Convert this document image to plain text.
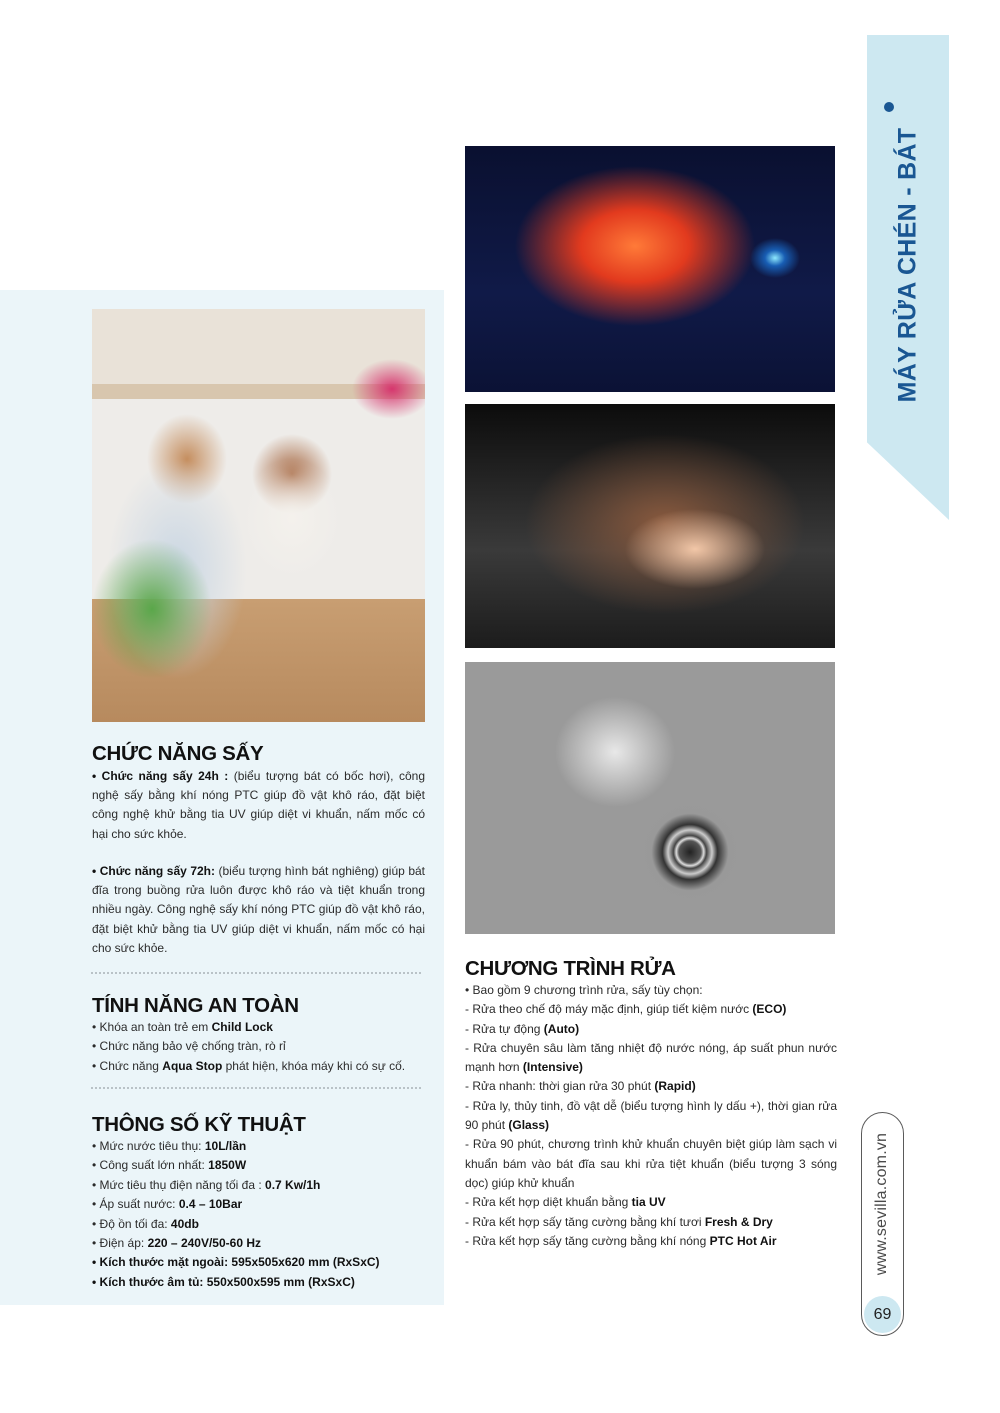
CHỨC NĂNG SẤY

• Chức năng sấy 24h : (biểu tượng bát có bốc hơi), công nghệ sấy bằng khí nóng PTC giúp đồ vật khô ráo, đặt biệt công nghệ khử bằng tia UV giúp diệt vi khuẩn, nấm mốc có hại cho sức khỏe.

• Chức năng sấy 72h: (biểu tượng hình bát nghiêng) giúp bát đĩa trong buồng rửa luôn được khô ráo và tiệt khuẩn trong nhiều ngày. Công nghệ sấy khí nóng PTC giúp đồ vật khô ráo, đặt biệt khử bằng tia UV giúp diệt vi khuẩn, nấm mốc có hại cho sức khỏe.

TÍNH NĂNG AN TOÀN
• Khóa an toàn trẻ em Child Lock
• Chức năng bảo vệ chống tràn, rò rỉ
• Chức năng Aqua Stop phát hiện, khóa máy khi có sự cố.
THÔNG SỐ KỸ THUẬT
• Mức nước tiêu thụ: 10L/lần
• Công suất lớn nhất: 1850W
• Mức tiêu thụ điện năng tối đa : 0.7 Kw/1h
• Áp suất nước: 0.4 – 10Bar
• Độ ồn tối đa: 40db
• Điện áp: 220 – 240V/50-60 Hz
• Kích thước mặt ngoài: 595x505x620 mm (RxSxC)
• Kích thước âm tủ: 550x500x595 mm (RxSxC)
CHƯƠNG TRÌNH RỬA
• Bao gồm 9 chương trình rửa, sấy tùy chọn:
- Rửa theo chế độ máy mặc định, giúp tiết kiệm nước (ECO)
- Rửa tự động (Auto)
- Rửa chuyên sâu làm tăng nhiệt độ nước nóng, áp suất phun nước mạnh hơn (Intensive)
- Rửa nhanh: thời gian rửa 30 phút (Rapid)
- Rửa ly, thủy tinh, đồ vật dễ (biểu tượng hình ly dấu +), thời gian rửa 90 phút (Glass)
- Rửa 90 phút, chương trình khử khuẩn chuyên biệt giúp làm sạch vi khuẩn bám vào bát đĩa sau khi rửa tiệt khuẩn (biểu tượng 3 sóng dọc) giúp khử khuẩn
- Rửa kết hợp diệt khuẩn bằng tia UV
- Rửa kết hợp sấy tăng cường bằng khí tươi Fresh & Dry
- Rửa kết hợp sấy tăng cường bằng khí nóng PTC Hot Air
MÁY RỬA CHÉN - BÁT
www.sevilla.com.vn
69
